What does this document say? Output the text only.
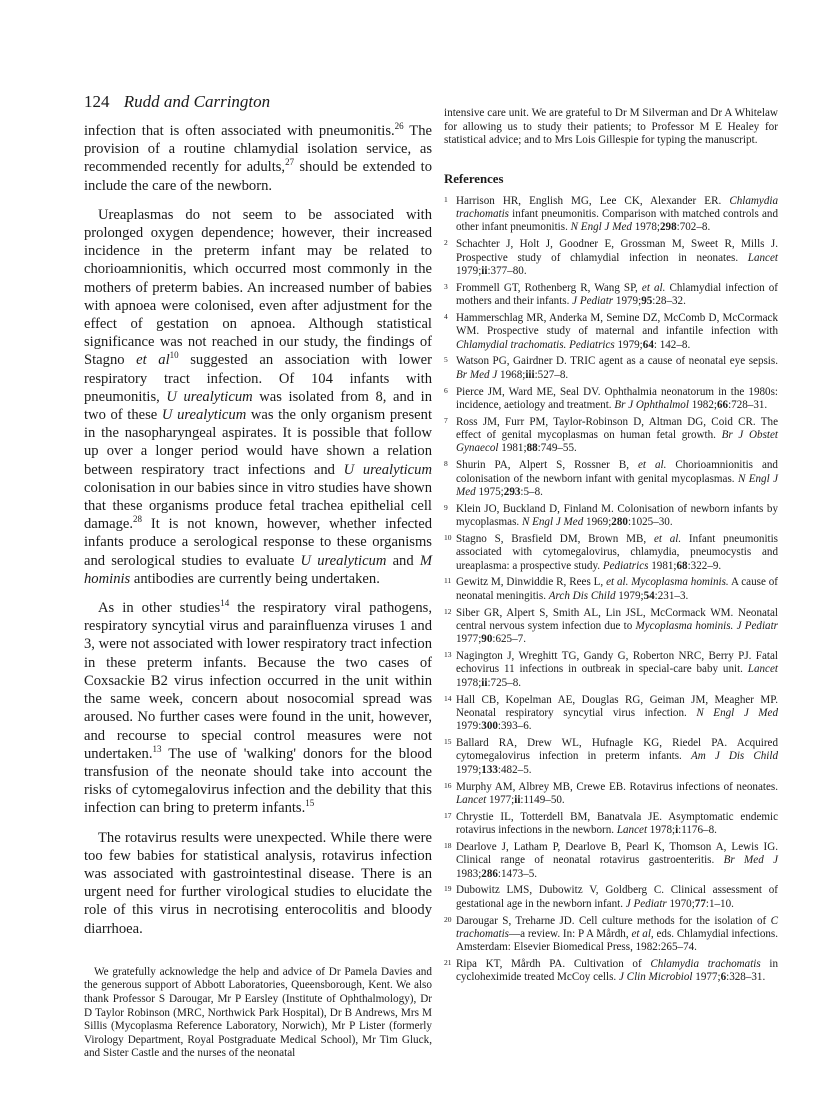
124 Rudd and Carrington

infection that is often associated with pneumonitis.$^{26}$ The provision of a routine chlamydial isolation service, as recommended recently for adults,$^{27}$ should be extended to include the care of the newborn.

Ureaplasmas do not seem to be associated with prolonged oxygen dependence; however, their increased incidence in the preterm infant may be related to chorioamnionitis, which occurred most commonly in the mothers of preterm babies. An increased number of babies with apnoea were colonised, even after adjustment for the effect of gestation on apnoea. Although statistical significance was not reached in our study, the findings of Stagno et $al^{10}$ suggested an association with lower respiratory tract infection. Of 104 infants with pneumonitis, U urealyticum was isolated from 8, and in two of these U urealyticum was the only organism present in the nasopharyngeal aspirates. It is possible that follow up over a longer period would have shown a relation between respiratory tract infections and U urealyticum colonisation in our babies since in vitro studies have shown that these organisms produce fetal trachea epithelial cell damage.$^{28}$ It is not known, however, whether infected infants produce a serological response to these organisms and serological studies to evaluate U urealyticum and M hominis antibodies are currently being undertaken.

As in other studies$^{14}$ the respiratory viral pathogens, respiratory syncytial virus and parainfluenza viruses 1 and 3, were not associated with lower respiratory tract infection in these preterm infants. Because the two cases of Coxsackie B2 virus infection occurred in the unit within the same week, concern about nosocomial spread was aroused. No further cases were found in the unit, however, and recourse to special control measures were not undertaken.$^{13}$ The use of 'walking' donors for the blood transfusion of the neonate should take into account the risks of cytomegalovirus infection and the debility that this infection can bring to preterm infants.$^{15}$

The rotavirus results were unexpected. While there were too few babies for statistical analysis, rotavirus infection was associated with gastrointestinal disease. There is an urgent need for further virological studies to elucidate the role of this virus in necrotising enterocolitis and bloody diarrhoea.

We gratefully acknowledge the help and advice of Dr Pamela Davies and the generous support of Abbott Laboratories, Queensborough, Kent. We also thank Professor S Darougar, Mr P Earsley (Institute of Ophthalmology), Dr D Taylor Robinson (MRC, Northwick Park Hospital), Dr B Andrews, Mrs M Sillis (Mycoplasma Reference Laboratory, Norwich), Mr P Lister (formerly Virology Department, Royal Postgraduate Medical School), Mr Tim Gluck, and Sister Castle and the nurses of the neonatal

intensive care unit. We are grateful to Dr M Silverman and Dr A Whitelaw for allowing us to study their patients; to Professor M E Healey for statistical advice; and to Mrs Lois Gillespie for typing the manuscript.

References
1 Harrison HR, English MG, Lee CK, Alexander ER. Chlamydia trachomatis infant pneumonitis. Comparison with matched controls and other infant pneumonitis. N Engl J Med 1978;298:702–8.
2 Schachter J, Holt J, Goodner E, Grossman M, Sweet R, Mills J. Prospective study of chlamydial infection in neonates. Lancet 1979;ii:377–80.
3 Frommell GT, Rothenberg R, Wang SP, et al. Chlamydial infection of mothers and their infants. J Pediatr 1979;95:28–32.
4 Hammerschlag MR, Anderka M, Semine DZ, McComb D, McCormack WM. Prospective study of maternal and infantile infection with Chlamydial trachomatis. Pediatrics 1979;64: 142–8.
5 Watson PG, Gairdner D. TRIC agent as a cause of neonatal eye sepsis. Br Med J 1968;iii:527–8.
6 Pierce JM, Ward ME, Seal DV. Ophthalmia neonatorum in the 1980s: incidence, aetiology and treatment. Br J Ophthalmol 1982;66:728–31.
7 Ross JM, Furr PM, Taylor-Robinson D, Altman DG, Coid CR. The effect of genital mycoplasmas on human fetal growth. Br J Obstet Gynaecol 1981;88:749–55.
8 Shurin PA, Alpert S, Rossner B, et al. Chorioamnionitis and colonisation of the newborn infant with genital mycoplasmas. N Engl J Med 1975;293:5–8.
9 Klein JO, Buckland D, Finland M. Colonisation of newborn infants by mycoplasmas. N Engl J Med 1969;280:1025–30.
10 Stagno S, Brasfield DM, Brown MB, et al. Infant pneumonitis associated with cytomegalovirus, chlamydia, pneumocystis and ureaplasma: a prospective study. Pediatrics 1981;68:322–9.
11 Gewitz M, Dinwiddie R, Rees L, et al. Mycoplasma hominis. A cause of neonatal meningitis. Arch Dis Child 1979;54:231–3.
12 Siber GR, Alpert S, Smith AL, Lin JSL, McCormack WM. Neonatal central nervous system infection due to Mycoplasma hominis. J Pediatr 1977;90:625–7.
13 Nagington J, Wreghitt TG, Gandy G, Roberton NRC, Berry PJ. Fatal echovirus 11 infections in outbreak in special-care baby unit. Lancet 1978;ii:725–8.
14 Hall CB, Kopelman AE, Douglas RG, Geiman JM, Meagher MP. Neonatal respiratory syncytial virus infection. N Engl J Med 1979:300:393–6.
15 Ballard RA, Drew WL, Hufnagle KG, Riedel PA. Acquired cytomegalovirus infection in preterm infants. Am J Dis Child 1979;133:482–5.
16 Murphy AM, Albrey MB, Crewe EB. Rotavirus infections of neonates. Lancet 1977;ii:1149–50.
17 Chrystie IL, Totterdell BM, Banatvala JE. Asymptomatic endemic rotavirus infections in the newborn. Lancet 1978;i:1176–8.
18 Dearlove J, Latham P, Dearlove B, Pearl K, Thomson A, Lewis IG. Clinical range of neonatal rotavirus gastroenteritis. Br Med J 1983;286:1473–5.
19 Dubowitz LMS, Dubowitz V, Goldberg C. Clinical assessment of gestational age in the newborn infant. J Pediatr 1970;77:1–10.
20 Darougar S, Treharne JD. Cell culture methods for the isolation of C trachomatis—a review. In: P A Mårdh, et al, eds. Chlamydial infections. Amsterdam: Elsevier Biomedical Press, 1982:265–74.
21 Ripa KT, Mårdh PA. Cultivation of Chlamydia trachomatis in cycloheximide treated McCoy cells. J Clin Microbiol 1977;6:328–31.
